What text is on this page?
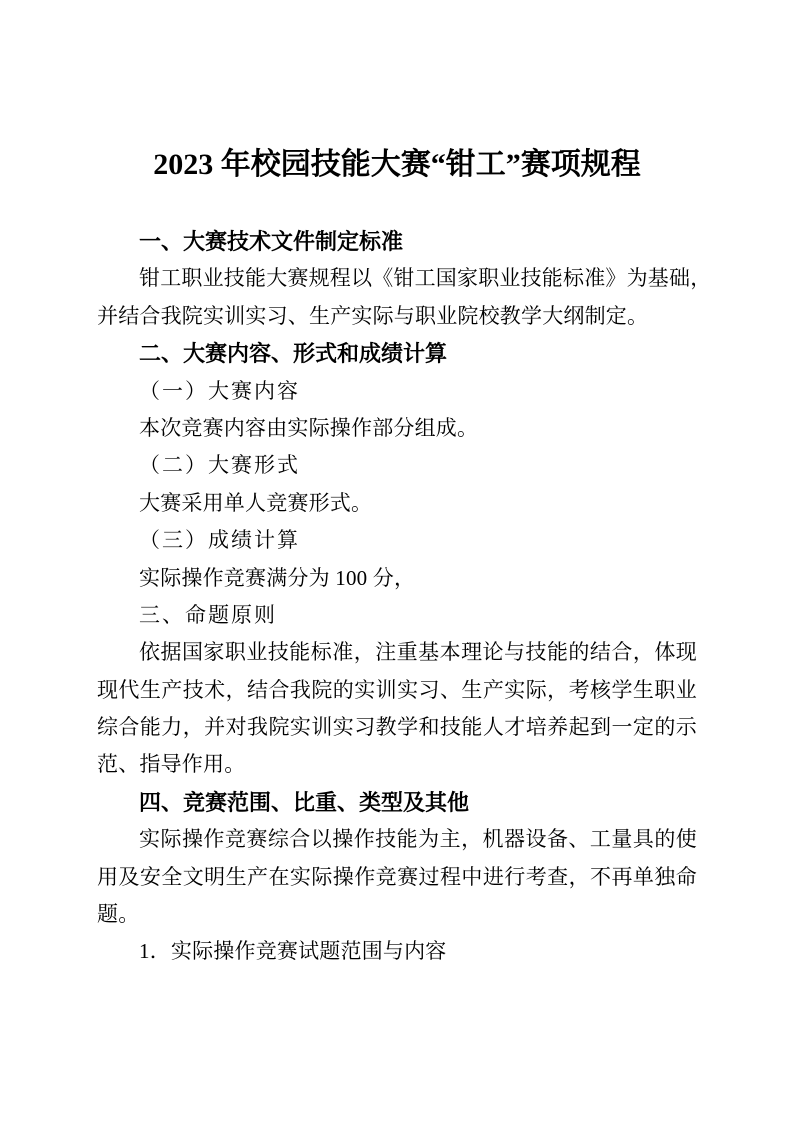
2023 年校园技能大赛“钳工”赛项规程
一、大赛技术文件制定标准
钳工职业技能大赛规程以《钳工国家职业技能标准》为基础，
并结合我院实训实习、生产实际与职业院校教学大纲制定。
二、大赛内容、形式和成绩计算
（一）大赛内容
本次竞赛内容由实际操作部分组成。
（二）大赛形式
大赛采用单人竞赛形式。
（三）成绩计算
实际操作竞赛满分为 100 分，
三、命题原则
依据国家职业技能标准，注重基本理论与技能的结合，体现
现代生产技术，结合我院的实训实习、生产实际，考核学生职业
综合能力，并对我院实训实习教学和技能人才培养起到一定的示
范、指导作用。
四、竞赛范围、比重、类型及其他
实际操作竞赛综合以操作技能为主，机器设备、工量具的使
用及安全文明生产在实际操作竞赛过程中进行考查，不再单独命
题。
1．实际操作竞赛试题范围与内容
